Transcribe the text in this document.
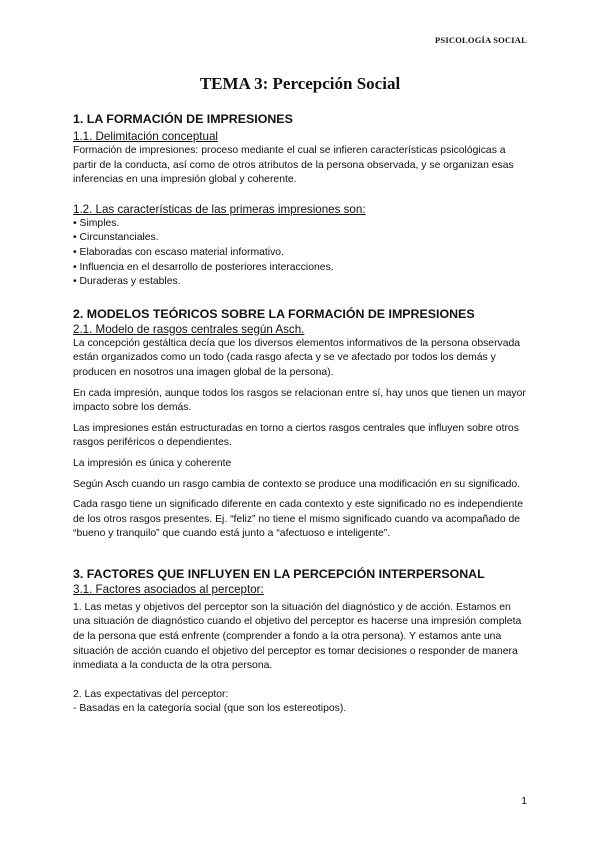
PSICOLOGÍA SOCIAL
TEMA 3: Percepción Social
1. LA FORMACIÓN DE IMPRESIONES
1.1. Delimitación conceptual

Formación de impresiones: proceso mediante el cual se infieren características psicológicas a partir de la conducta, así como de otros atributos de la persona observada, y se organizan esas inferencias en una impresión global y coherente.

1.2. Las características de las primeras impresiones son:
• Simples.
• Circunstanciales.
• Elaboradas con escaso material informativo.
• Influencia en el desarrollo de posteriores interacciones.
• Duraderas y estables.
2. MODELOS TEÓRICOS SOBRE LA FORMACIÓN DE IMPRESIONES
2.1. Modelo de rasgos centrales según Asch.

La concepción gestáltica decía que los diversos elementos informativos de la persona observada están organizados como un todo (cada rasgo afecta y se ve afectado por todos los demás y producen en nosotros una imagen global de la persona).

En cada impresión, aunque todos los rasgos se relacionan entre sí, hay unos que tienen un mayor impacto sobre los demás.

Las impresiones están estructuradas en torno a ciertos rasgos centrales que influyen sobre otros rasgos periféricos o dependientes.

La impresión es única y coherente

Según Asch cuando un rasgo cambia de contexto se produce una modificación en su significado.

Cada rasgo tiene un significado diferente en cada contexto y este significado no es independiente de los otros rasgos presentes. Ej. “feliz” no tiene el mismo significado cuando va acompañado de “bueno y tranquilo” que cuando está junto a “afectuoso e inteligente”.

3. FACTORES QUE INFLUYEN EN LA PERCEPCIÓN INTERPERSONAL
3.1. Factores asociados al perceptor:

1. Las metas y objetivos del perceptor son la situación del diagnóstico y de acción. Estamos en una situación de diagnóstico cuando el objetivo del perceptor es hacerse una impresión completa de la persona que está enfrente (comprender a fondo a la otra persona). Y estamos ante una situación de acción cuando el objetivo del perceptor es tomar decisiones o responder de manera inmediata a la conducta de la otra persona.

2. Las expectativas del perceptor:

- Basadas en la categoría social (que son los estereotipos).

1
